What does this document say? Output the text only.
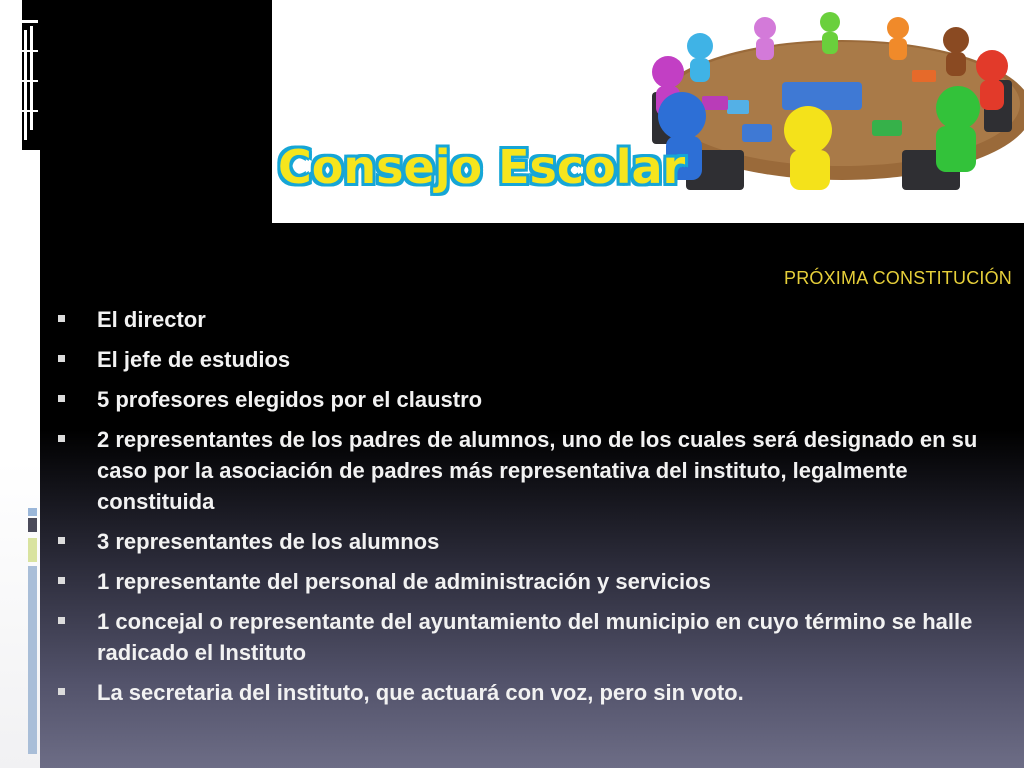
Consejo Escolar
PRÓXIMA CONSTITUCIÓN
El director
El jefe de estudios
5 profesores elegidos por el claustro
2 representantes de los padres de alumnos, uno de los cuales será designado en su caso por la asociación de padres más representativa del instituto, legalmente constituida
3 representantes de los alumnos
1 representante del personal de administración y servicios
1 concejal o representante del ayuntamiento del municipio en cuyo término se halle radicado el Instituto
La secretaria del instituto, que actuará con voz, pero sin voto.
